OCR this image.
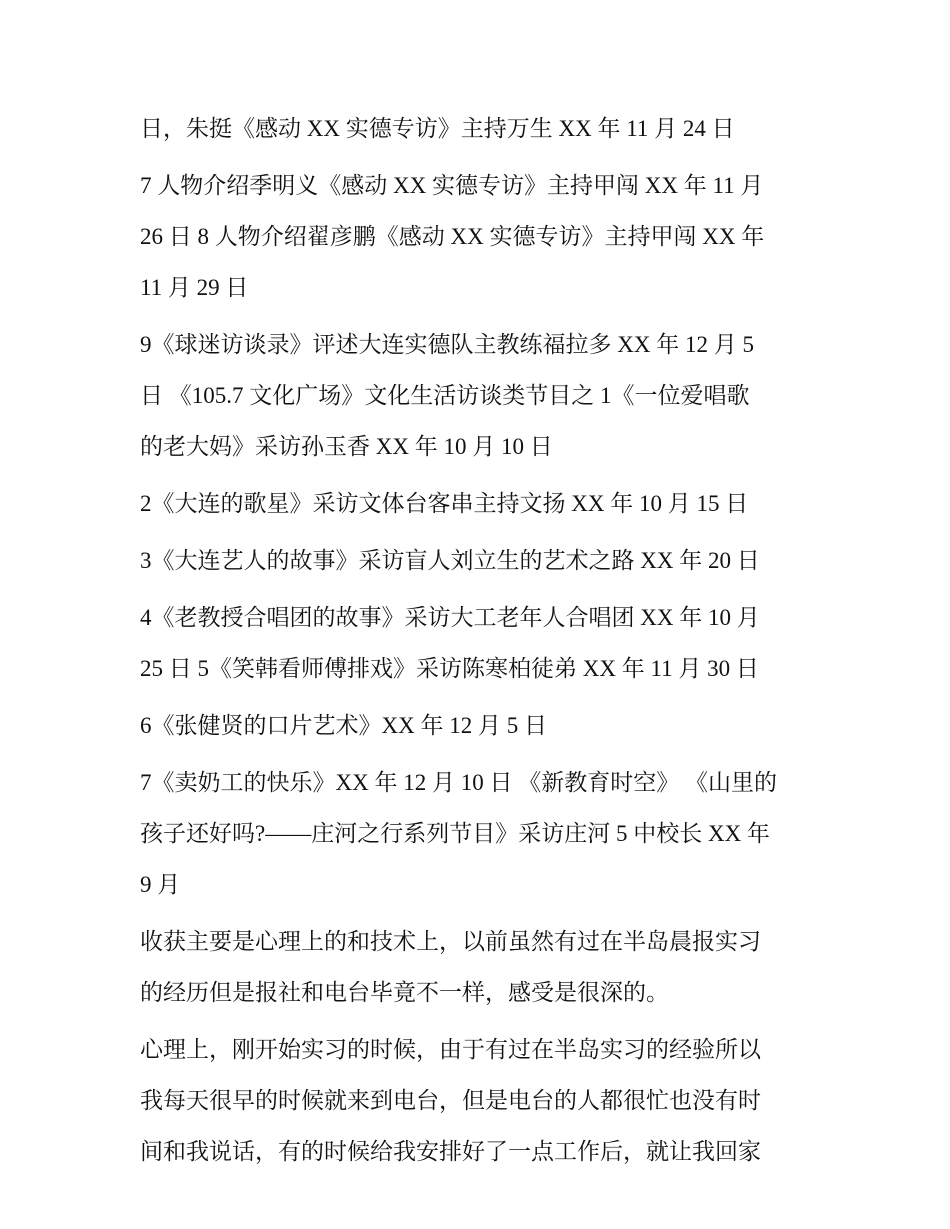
日，朱挺《感动 XX 实德专访》主持万生 XX 年 11 月 24 日
7 人物介绍季明义《感动 XX 实德专访》主持甲闯 XX 年 11 月
26 日 8 人物介绍翟彦鹏《感动 XX 实德专访》主持甲闯 XX 年
11 月 29 日
9《球迷访谈录》评述大连实德队主教练福拉多 XX 年 12 月 5
日 《105.7 文化广场》文化生活访谈类节目之 1《一位爱唱歌
的老大妈》采访孙玉香 XX 年 10 月 10 日
2《大连的歌星》采访文体台客串主持文扬 XX 年 10 月 15 日
3《大连艺人的故事》采访盲人刘立生的艺术之路 XX 年 20 日
4《老教授合唱团的故事》采访大工老年人合唱团 XX 年 10 月
25 日 5《笑韩看师傅排戏》采访陈寒柏徒弟 XX 年 11 月 30 日
6《张健贤的口片艺术》XX 年 12 月 5 日
7《卖奶工的快乐》XX 年 12 月 10 日 《新教育时空》 《山里的
孩子还好吗?——庄河之行系列节目》采访庄河 5 中校长 XX 年
9 月
收获主要是心理上的和技术上，以前虽然有过在半岛晨报实习
的经历但是报社和电台毕竟不一样，感受是很深的。
心理上，刚开始实习的时候，由于有过在半岛实习的经验所以
我每天很早的时候就来到电台，但是电台的人都很忙也没有时
间和我说话，有的时候给我安排好了一点工作后，就让我回家
